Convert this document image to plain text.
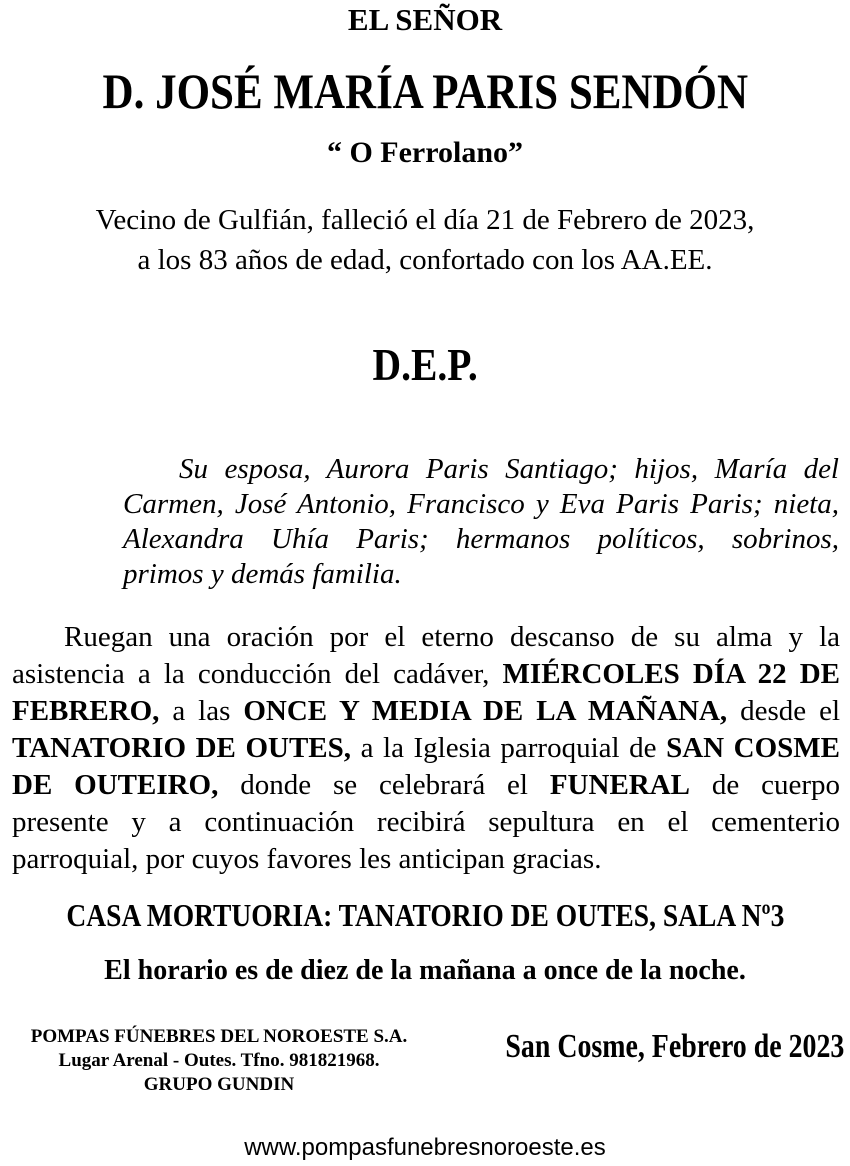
EL SEÑOR
D. JOSÉ MARÍA PARIS SENDÓN
“ O Ferrolano”
Vecino de Gulfián, falleció el día 21 de Febrero de 2023,
a los 83 años de edad, confortado con los AA.EE.
D.E.P.

Su esposa, Aurora Paris Santiago; hijos, María del

Carmen, José Antonio, Francisco y Eva Paris Paris; nieta,

Alexandra Uhía Paris; hermanos políticos, sobrinos,

primos y demás familia.

Ruegan una oración por el eterno descanso de su alma y la

asistencia a la conducción del cadáver, MIÉRCOLES DÍA 22 DE

FEBRERO, a las ONCE Y MEDIA DE LA MAÑANA, desde el

TANATORIO DE OUTES, a la Iglesia parroquial de SAN COSME

DE OUTEIRO, donde se celebrará el FUNERAL de cuerpo

presente y a continuación recibirá sepultura en el cementerio

parroquial, por cuyos favores les anticipan gracias.

CASA MORTUORIA: TANATORIO DE OUTES, SALA Nº3
El horario es de diez de la mañana a once de la noche.
POMPAS FÚNEBRES DEL NOROESTE S.A.
Lugar Arenal - Outes. Tfno. 981821968.
GRUPO GUNDIN
San Cosme, Febrero de 2023
www.pompasfunebresnoroeste.es
